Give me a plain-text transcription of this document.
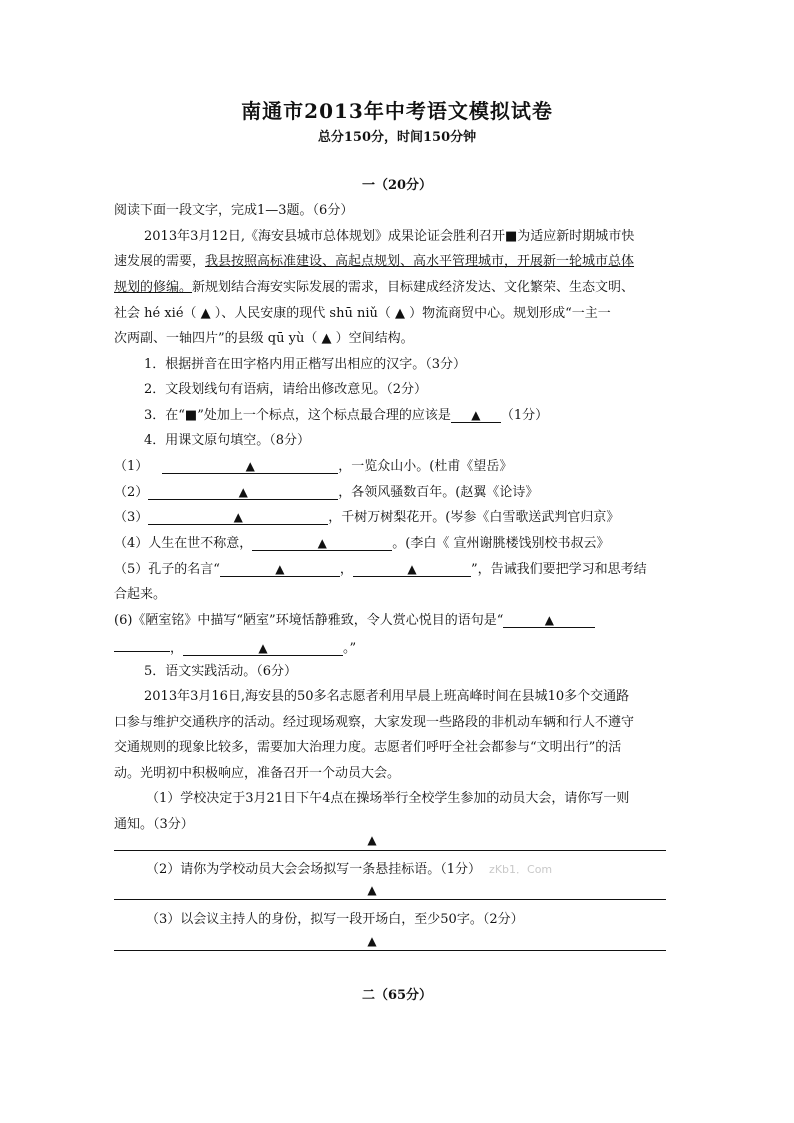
南通市2013年中考语文模拟试卷
总分150分，时间150分钟
一（20分）
阅读下面一段文字，完成1—3题。（6分）
2013年3月12日,《海安县城市总体规划》成果论证会胜利召开■为适应新时期城市快
速发展的需要，我县按照高标准建设、高起点规划、高水平管理城市，开展新一轮城市总体
规划的修编。新规划结合海安实际发展的需求，目标建成经济发达、文化繁荣、生态文明、
社会 hé xié（ ▲ ）、人民安康的现代 shū niǔ（ ▲ ）物流商贸中心。规划形成“一主一
次两副、一轴四片”的县级 qū yù（ ▲ ）空间结构。
1．根据拼音在田字格内用正楷写出相应的汉字。（3分）
2．文段划线句有语病，请给出修改意见。（2分）
3．在“■”处加上一个标点，这个标点最合理的应该是 ▲ （1分）
4．用课文原句填空。（8分）
（1）	▲	，一览众山小。(杜甫《望岳》
（2）	▲	，各领风骚数百年。(赵翼《论诗》
（3）	▲	，千树万树梨花开。(岑参《白雪歌送武判官归京》
（4）人生在世不称意，	▲	。(李白《 宣州谢朓楼饯别校书叔云》
（5）孔子的名言“	▲	，	▲	”，告诫我们要把学习和思考结
合起来。
(6)《陋室铭》中描写“陋室”环境恬静雅致，令人赏心悦目的语句是“	▲
，	▲	。”
5．语文实践活动。（6分）
2013年3月16日,海安县的50多名志愿者利用早晨上班高峰时间在县城10多个交通路
口参与维护交通秩序的活动。经过现场观察，大家发现一些路段的非机动车辆和行人不遵守
交通规则的现象比较多，需要加大治理力度。志愿者们呼吁全社会都参与“文明出行”的活
动。光明初中积极响应，准备召开一个动员大会。
（1）学校决定于3月21日下午4点在操场举行全校学生参加的动员大会，请你写一则
通知。（3分）
▲
（2）请你为学校动员大会会场拟写一条悬挂标语。（1分） zKb1．Com
▲
（3）以会议主持人的身份，拟写一段开场白，至少50字。（2分）
▲
二（65分）
